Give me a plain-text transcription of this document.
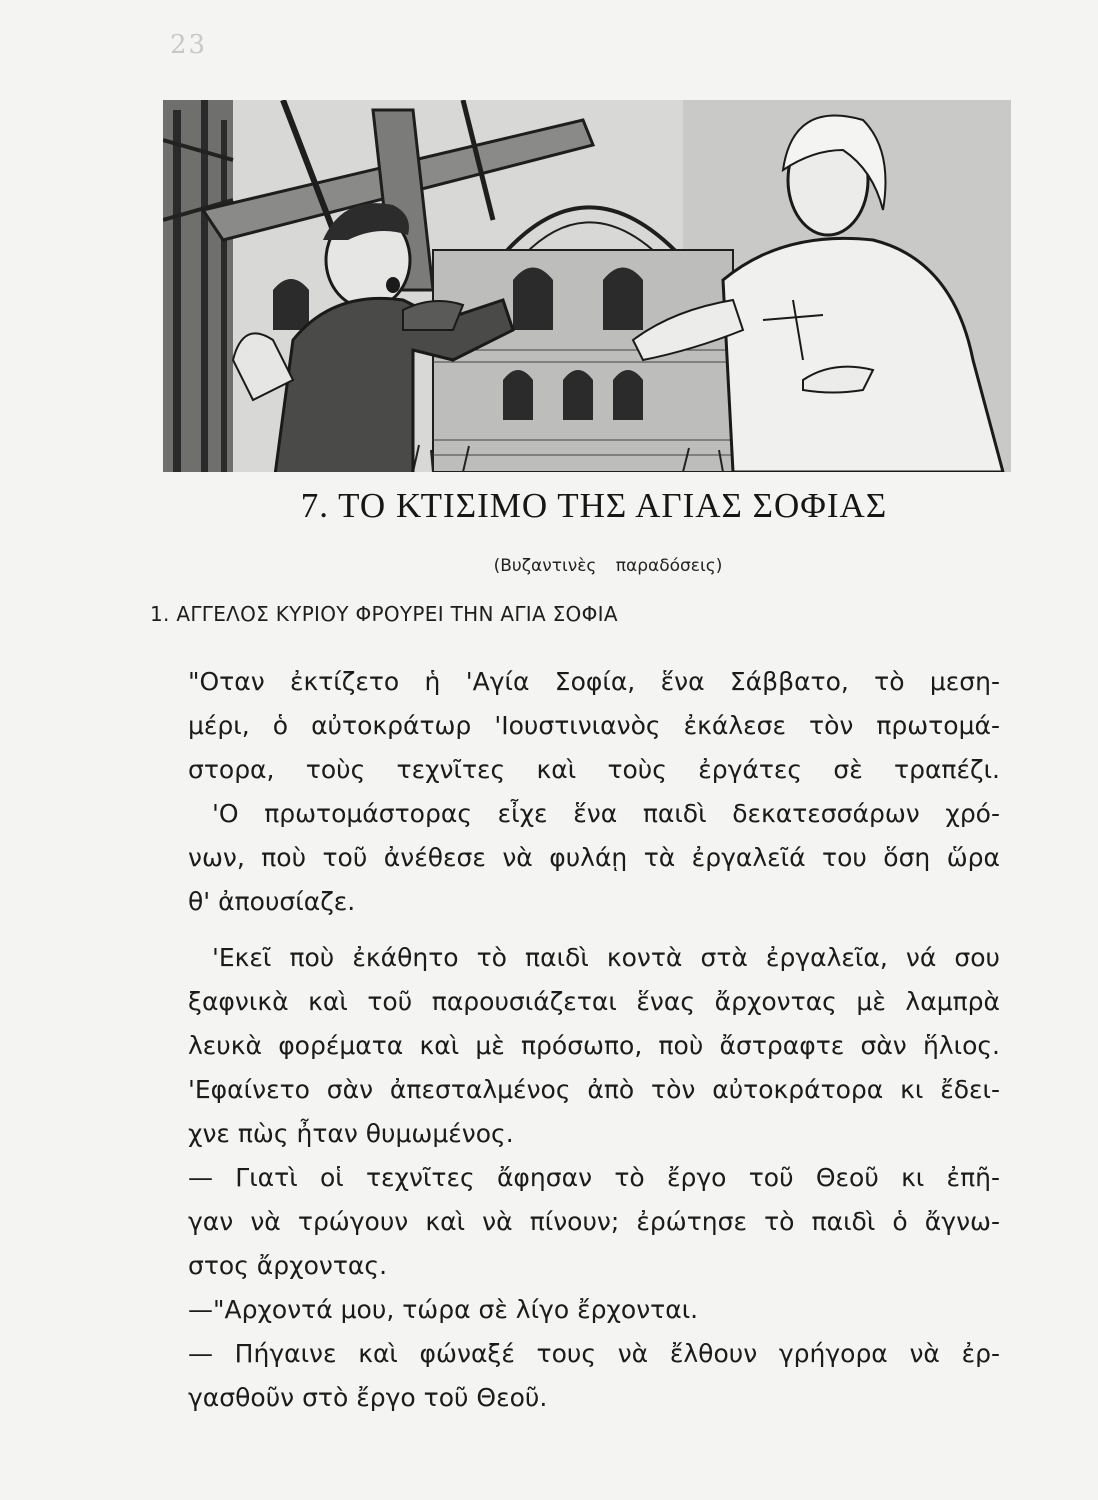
23
7. ΤΟ ΚΤΙΣΙΜΟ ΤΗΣ ΑΓΙΑΣ ΣΟΦΙΑΣ
(Βυζαντινὲς παραδόσεις)
1. ΑΓΓΕΛΟΣ ΚΥΡΙΟΥ ΦΡΟΥΡΕΙ ΤΗΝ ΑΓΙΑ ΣΟΦΙΑ
"Οταν ἐκτίζετο ἡ 'Αγία Σοφία, ἕνα Σάββατο, τὸ μεση-
μέρι, ὁ αὐτοκράτωρ 'Ιουστινιανὸς ἐκάλεσε τὸν πρωτομά-
στορα, τοὺς τεχνῖτες καὶ τοὺς ἐργάτες σὲ τραπέζι.
'Ο πρωτομάστορας εἶχε ἕνα παιδὶ δεκατεσσάρων χρό-
νων, ποὺ τοῦ ἀνέθεσε νὰ φυλάῃ τὰ ἐργαλεῖά του ὅση ὥρα
θ' ἀπουσίαζε.
'Εκεῖ ποὺ ἐκάθητο τὸ παιδὶ κοντὰ στὰ ἐργαλεῖα, νά σου
ξαφνικὰ καὶ τοῦ παρουσιάζεται ἕνας ἄρχοντας μὲ λαμπρὰ
λευκὰ φορέματα καὶ μὲ πρόσωπο, ποὺ ἄστραφτε σὰν ἥλιος.
'Εφαίνετο σὰν ἀπεσταλμένος ἀπὸ τὸν αὐτοκράτορα κι ἔδει-
χνε πὼς ἦταν θυμωμένος.
— Γιατὶ οἱ τεχνῖτες ἄφησαν τὸ ἔργο τοῦ Θεοῦ κι ἐπῆ-
γαν νὰ τρώγουν καὶ νὰ πίνουν; ἐρώτησε τὸ παιδὶ ὁ ἄγνω-
στος ἄρχοντας.
—"Αρχοντά μου, τώρα σὲ λίγο ἔρχονται.
— Πήγαινε καὶ φώναξέ τους νὰ ἔλθουν γρήγορα νὰ ἐρ-
γασθοῦν στὸ ἔργο τοῦ Θεοῦ.
